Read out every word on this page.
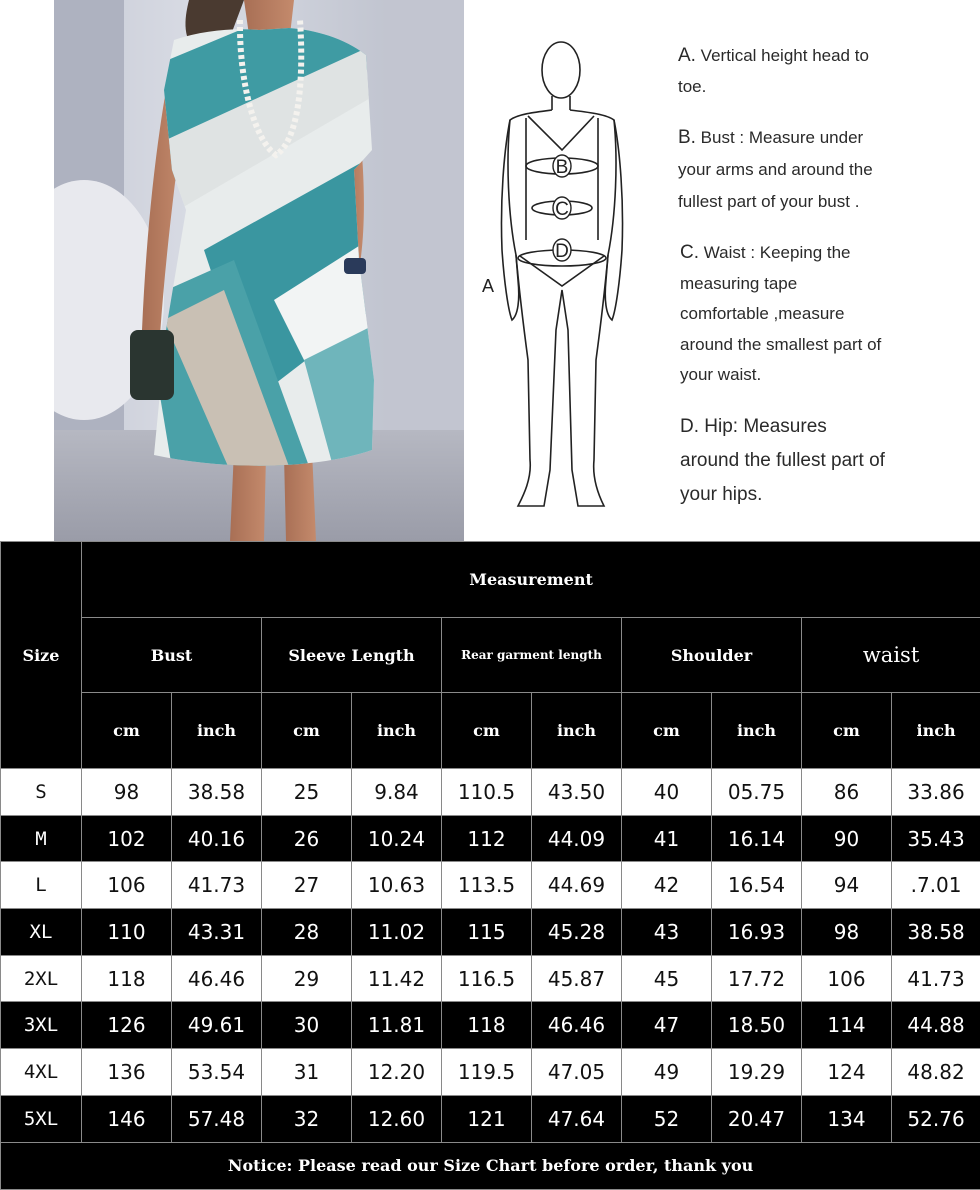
B
C
D
A
A. Vertical height head to
toe.
B. Bust : Measure under
your arms and around the
fullest part of your bust .
C. Waist : Keeping the
measuring tape
comfortable ,measure
around the smallest part of
your waist.
D. Hip: Measures
around the fullest part of
your hips.
Size	Measurement									
	Bust		Sleeve Length		Rear garment length		Shoulder		waist	
	cm	inch	cm	inch	cm	inch	cm	inch	cm	inch
S	98	38.58	25	9.84	110.5	43.50	40	05.75	86	33.86
M	102	40.16	26	10.24	112	44.09	41	16.14	90	35.43
L	106	41.73	27	10.63	113.5	44.69	42	16.54	94	.7.01
XL	110	43.31	28	11.02	115	45.28	43	16.93	98	38.58
2XL	118	46.46	29	11.42	116.5	45.87	45	17.72	106	41.73
3XL	126	49.61	30	11.81	118	46.46	47	18.50	114	44.88
4XL	136	53.54	31	12.20	119.5	47.05	49	19.29	124	48.82
5XL	146	57.48	32	12.60	121	47.64	52	20.47	134	52.76
Notice: Please read our Size Chart before order, thank you										
